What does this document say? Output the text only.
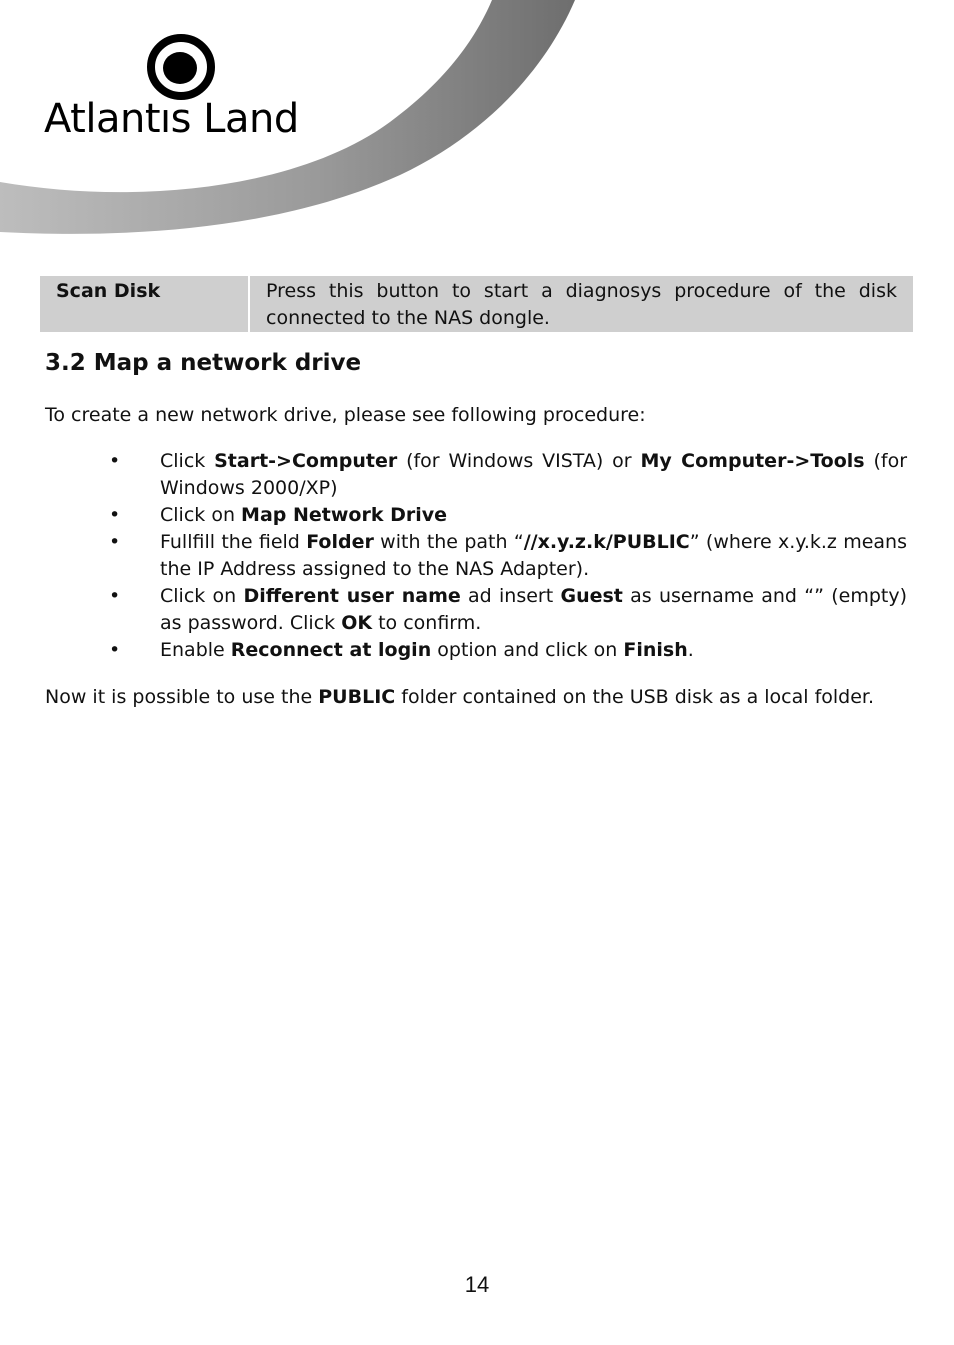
Atlantıs Land
Scan Disk	Press this button to start a diagnosys procedure of the disk connected to the NAS dongle.
3.2 Map a network drive

To create a new network drive, please see following procedure:

• Click Start->Computer (for Windows VISTA) or My Computer->Tools (for Windows 2000/XP)
• Click on Map Network Drive
• Fullfill the field Folder with the path “//x.y.z.k/PUBLIC” (where x.y.k.z means the IP Address assigned to the NAS Adapter).
• Click on Different user name ad insert Guest as username and “” (empty) as password. Click OK to confirm.
• Enable Reconnect at login option and click on Finish.

Now it is possible to use the PUBLIC folder contained on the USB disk as a local folder.

14
